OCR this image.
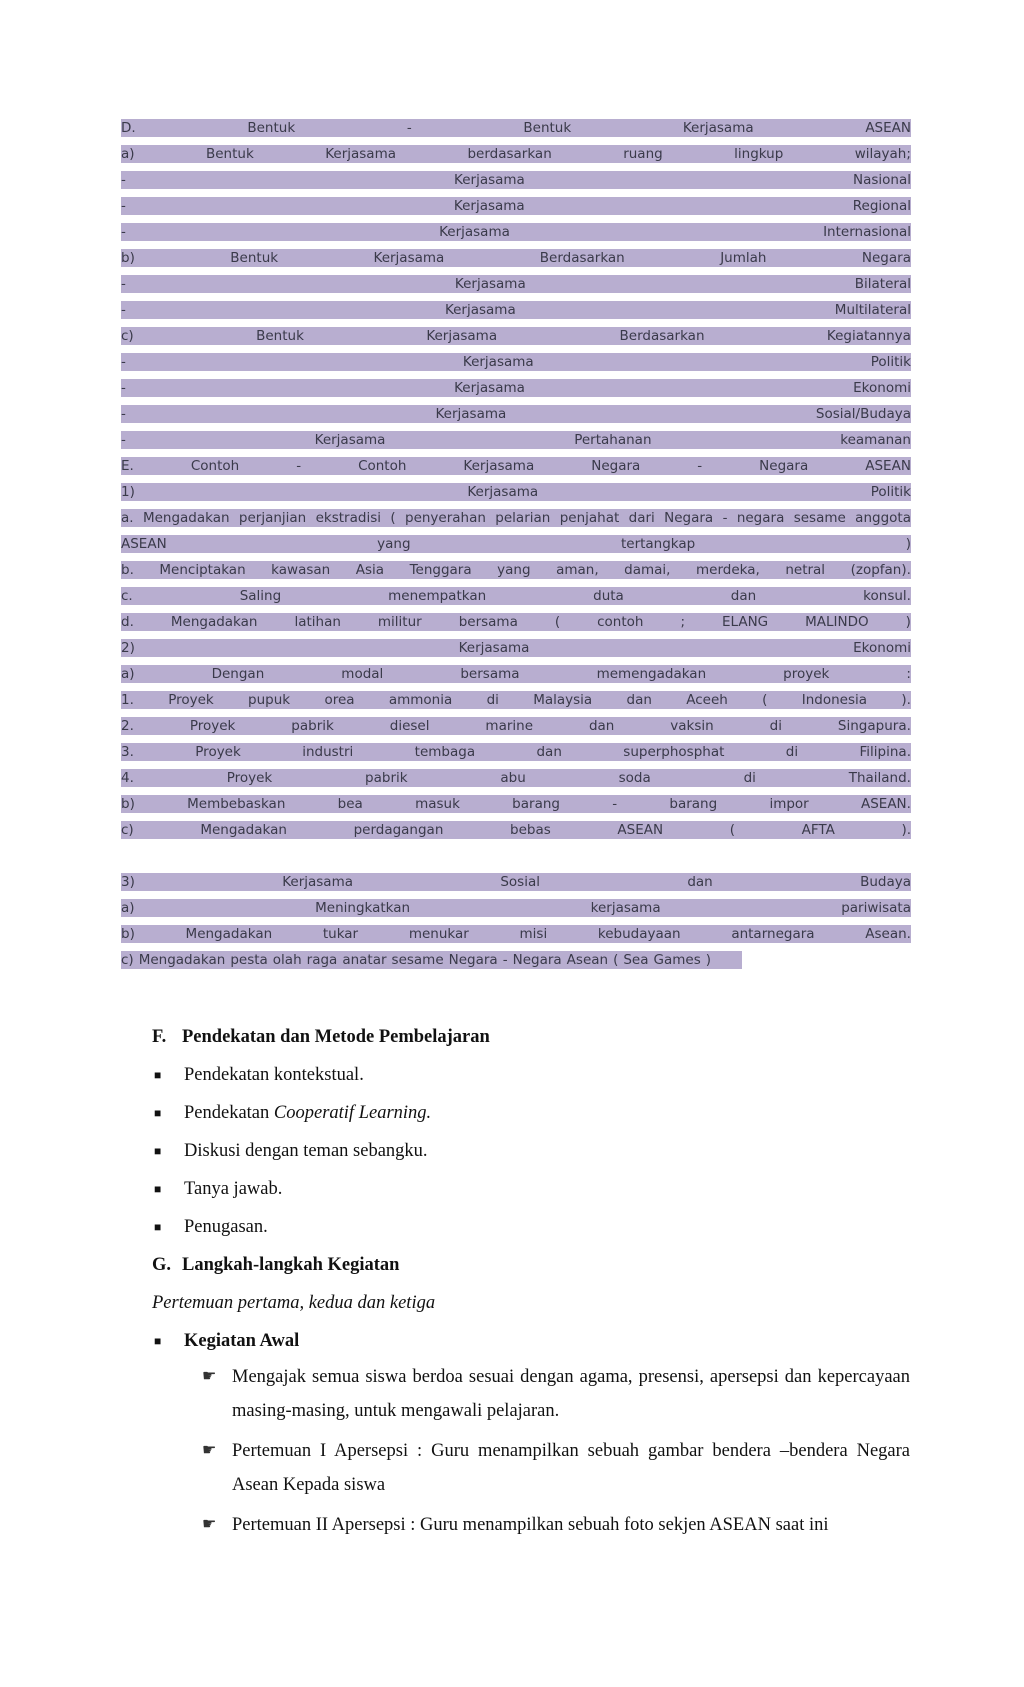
D.	Bentuk	-	Bentuk	Kerjasama	ASEAN
a)	Bentuk	Kerjasama	berdasarkan	ruang	lingkup	wilayah;
-	Kerjasama	Nasional
-	Kerjasama	Regional
-	Kerjasama	Internasional
b)	Bentuk	Kerjasama	Berdasarkan	Jumlah	Negara
-	Kerjasama	Bilateral
-	Kerjasama	Multilateral
c)	Bentuk	Kerjasama	Berdasarkan	Kegiatannya
-	Kerjasama	Politik
-	Kerjasama	Ekonomi
-	Kerjasama	Sosial/Budaya
-	Kerjasama	Pertahanan	keamanan
E.	Contoh	-	Contoh	Kerjasama	Negara	-	Negara	ASEAN
1)	Kerjasama	Politik
a. Mengadakan perjanjian ekstradisi ( penyerahan pelarian penjahat dari Negara - negara sesame anggota
ASEAN	yang	tertangkap	)
b. Menciptakan kawasan Asia Tenggara yang aman, damai, merdeka, netral (zopfan).
c.	Saling	menempatkan	duta	dan	konsul.
d.	Mengadakan	latihan	militur	bersama	(	contoh	;	ELANG	MALINDO	)
2)	Kerjasama	Ekonomi
a)	Dengan	modal	bersama	memengadakan	proyek	:
1.	Proyek	pupuk	orea	ammonia	di	Malaysia	dan	Aceeh	(	Indonesia	).
2.	Proyek	pabrik	diesel	marine	dan	vaksin	di	Singapura.
3.	Proyek	industri	tembaga	dan	superphosphat	di	Filipina.
4.	Proyek	pabrik	abu	soda	di	Thailand.
b)	Membebaskan	bea	masuk	barang	-	barang	impor	ASEAN.
c)	Mengadakan	perdagangan	bebas	ASEAN	(	AFTA	).
3)	Kerjasama	Sosial	dan	Budaya
a)	Meningkatkan	kerjasama	pariwisata
b)	Mengadakan	tukar	menukar	misi	kebudayaan	antarnegara	Asean.
c) Mengadakan pesta olah raga anatar sesame Negara - Negara Asean ( Sea Games )
F. Pendekatan dan Metode Pembelajaran
■	Pendekatan kontekstual.
■	Pendekatan Cooperatif Learning.
■	Diskusi dengan teman sebangku.
■	Tanya jawab.
■	Penugasan.
G. Langkah-langkah Kegiatan
Pertemuan pertama, kedua dan ketiga
■	Kegiatan Awal
☛ Mengajak semua siswa berdoa sesuai dengan agama, presensi, apersepsi dan kepercayaan masing-masing, untuk mengawali pelajaran.
☛ Pertemuan I Apersepsi : Guru menampilkan sebuah gambar bendera –bendera Negara Asean Kepada siswa
☛ Pertemuan II Apersepsi : Guru menampilkan sebuah foto sekjen ASEAN saat ini
